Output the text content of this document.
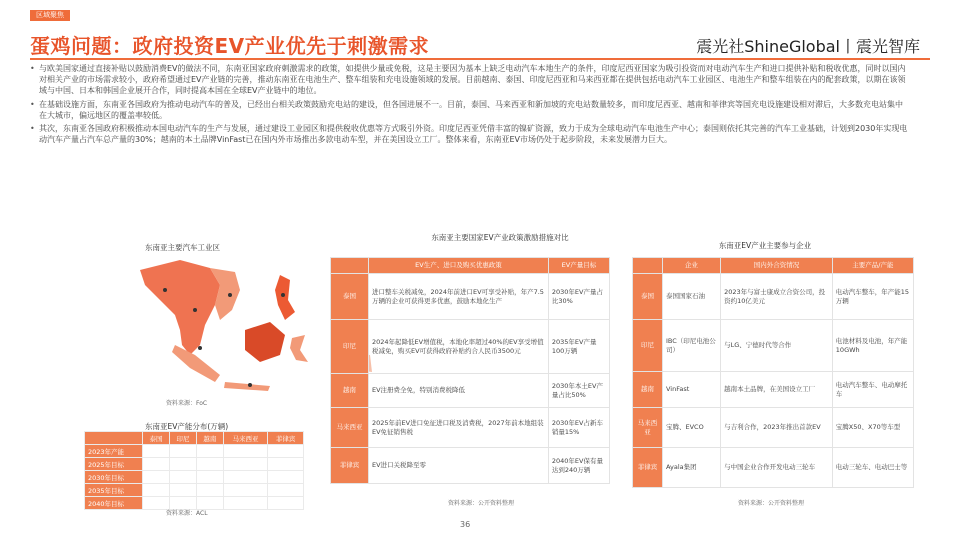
区域聚焦
蛋鸡问题：政府投资EV产业优先于刺激需求	震光社ShineGlobal丨震光智库

• 与欧美国家通过直接补贴以鼓励消费EV的做法不同，东南亚国家政府刺激需求的政策，如提供少量或免税，这是主要因为基本上缺乏电动汽车本地生产的条件，印度尼西亚国家为吸引投资而对电动汽车生产和进口提供补贴和税收优惠，同时以国内对相关产业的市场需求较小，政府希望通过EV产业链的完善，推动东南亚在电池生产、整车组装和充电设施领域的发展。目前越南、泰国、印度尼西亚和马来西亚都在提供包括电动汽车工业园区、电池生产和整车组装在内的配套政策，以期在该领域与中国、日本和韩国企业展开合作，同时提高本国在全球EV产业链中的地位。

• 在基础设施方面，东南亚各国政府为推动电动汽车的普及，已经出台相关政策鼓励充电站的建设，但各国进展不一。目前，泰国、马来西亚和新加坡的充电站数量较多，而印度尼西亚、越南和菲律宾等国充电设施建设相对滞后，大多数充电站集中在大城市，偏远地区的覆盖率较低。

• 其次，东南亚各国政府积极推动本国电动汽车的生产与发展，通过建设工业园区和提供税收优惠等方式吸引外资。印度尼西亚凭借丰富的镍矿资源，致力于成为全球电动汽车电池生产中心；泰国则依托其完善的汽车工业基础，计划到2030年实现电动汽车产量占汽车总产量的30%；越南的本土品牌VinFast已在国内外市场推出多款电动车型，并在美国设立工厂。整体来看，东南亚EV市场仍处于起步阶段，未来发展潜力巨大。

东南亚主要汽车工业区
资料来源：FoC
东南亚EV产能分布(万辆)
	泰国	印尼	越南	马来西亚	菲律宾
2023年产能					
2025年目标					
2030年目标					
2035年目标					
2040年目标					
资料来源：ACL
东南亚主要国家EV产业政策激励措施对比
	EV生产、进口及购买优惠政策	EV产量目标
泰国	进口整车关税减免，2024年前进口EV可享受补贴，年产7.5万辆的企业可获得更多优惠，鼓励本地化生产	2030年EV产量占比30%
印尼	2024年起降低EV增值税，本地化率超过40%的EV享受增值税减免，购买EV可获得政府补贴约合人民币3500元	2035年EV产量100万辆
越南	EV注册费全免，特别消费税降低	2030年本土EV产量占比50%
马来西亚	2025年前EV进口免征进口税及消费税，2027年前本地组装EV免征销售税	2030年EV占新车销量15%
菲律宾	EV进口关税降至零	2040年EV保有量达到240万辆
资料来源：公开资料整理
东南亚EV产业主要参与企业
	企业	国内外合资情况	主要产品/产能
泰国	泰国国家石油	2023年与富士康成立合资公司，投资约10亿美元	电动汽车整车，年产能15万辆
印尼	IBC（印尼电池公司）	与LG、宁德时代等合作	电池材料及电池，年产能10GWh
越南	VinFast	越南本土品牌，在美国设立工厂	电动汽车整车、电动摩托车
马来西亚	宝腾、EVCO	与吉利合作，2023年推出首款EV	宝腾X50、X70等车型
菲律宾	Ayala集团	与中国企业合作开发电动三轮车	电动三轮车、电动巴士等
资料来源：公开资料整理
36
